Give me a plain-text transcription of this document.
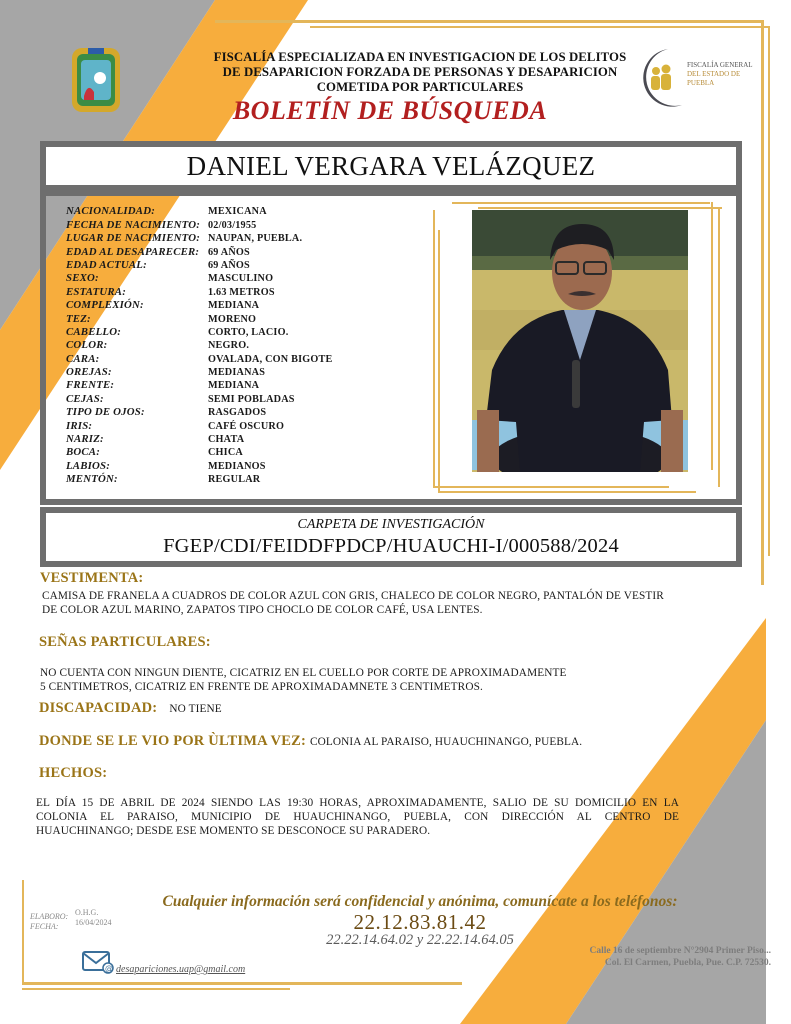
FISCALÍA ESPECIALIZADA EN INVESTIGACION DE LOS DELITOS
DE DESAPARICION FORZADA DE PERSONAS Y DESAPARICION
COMETIDA POR PARTICULARES
BOLETÍN DE BÚSQUEDA
FISCALÍA GENERAL
DEL ESTADO DE
PUEBLA
DANIEL VERGARA VELÁZQUEZ
NACIONALIDAD:	MEXICANA
FECHA DE NACIMIENTO: 02/03/1955
LUGAR DE NACIMIENTO: NAUPAN, PUEBLA.
EDAD AL DESAPARECER: 69 AÑOS
EDAD ACTUAL:	69 AÑOS
SEXO:	MASCULINO
ESTATURA:	1.63 METROS
COMPLEXIÓN:	MEDIANA
TEZ:	MORENO
CABELLO:	CORTO, LACIO.
COLOR:	NEGRO.
CARA:	OVALADA, CON BIGOTE
OREJAS:	MEDIANAS
FRENTE:	MEDIANA
CEJAS:	SEMI POBLADAS
TIPO DE OJOS:	RASGADOS
IRIS:	CAFÉ OSCURO
NARIZ:	CHATA
BOCA:	CHICA
LABIOS:	MEDIANOS
MENTÓN:	REGULAR
CARPETA DE INVESTIGACIÓN
FGEP/CDI/FEIDDFPDCP/HUAUCHI-I/000588/2024
VESTIMENTA:
CAMISA DE FRANELA A CUADROS DE COLOR AZUL CON GRIS, CHALECO DE COLOR NEGRO, PANTALÓN DE VESTIR
DE COLOR AZUL MARINO, ZAPATOS TIPO CHOCLO DE COLOR CAFÉ, USA LENTES.
SEÑAS PARTICULARES:
NO CUENTA CON NINGUN DIENTE, CICATRIZ EN EL CUELLO POR CORTE DE APROXIMADAMENTE
5 CENTIMETROS, CICATRIZ EN FRENTE DE APROXIMADAMNETE 3 CENTIMETROS.
DISCAPACIDAD: NO TIENE
DONDE SE LE VIO POR ÙLTIMA VEZ: COLONIA AL PARAISO, HUAUCHINANGO, PUEBLA.
HECHOS:
EL DÍA 15 DE ABRIL DE 2024 SIENDO LAS 19:30 HORAS, APROXIMADAMENTE, SALIO DE SU DOMICILIO EN LA
COLONIA EL PARAISO, MUNICIPIO DE HUAUCHINANGO, PUEBLA, CON DIRECCIÓN AL CENTRO DE
HUAUCHINANGO; DESDE ESE MOMENTO SE DESCONOCE SU PARADERO.
Cualquier información será confidencial y anónima, comunícate a los teléfonos:
22.12.83.81.42
22.22.14.64.02 y 22.22.14.64.05
ELABORO:
FECHA:
O.H.G.
16/04/2024
@ desapariciones.uap@gmail.com
Calle 16 de septiembre N°2904 Primer Piso...
Col. El Carmen, Puebla, Pue. C.P. 72530.
